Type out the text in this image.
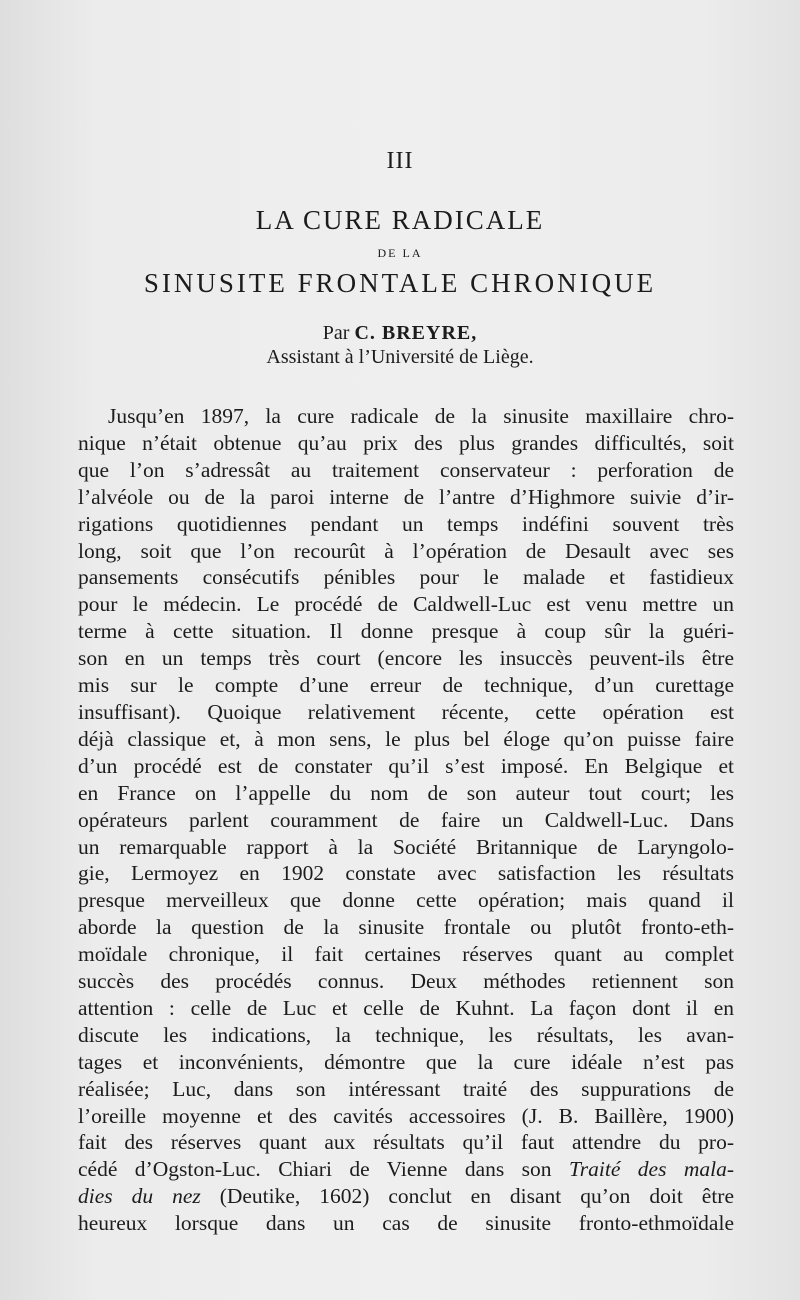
III
LA CURE RADICALE
DE LA
SINUSITE FRONTALE CHRONIQUE
Par C. BREYRE,
Assistant à l’Université de Liège.
Jusqu’en 1897, la cure radicale de la sinusite maxillaire chro-
nique n’était obtenue qu’au prix des plus grandes difficultés, soit
que l’on s’adressât au traitement conservateur : perforation de
l’alvéole ou de la paroi interne de l’antre d’Highmore suivie d’ir-
rigations quotidiennes pendant un temps indéfini souvent très
long, soit que l’on recourût à l’opération de Desault avec ses
pansements consécutifs pénibles pour le malade et fastidieux
pour le médecin. Le procédé de Caldwell-Luc est venu mettre un
terme à cette situation. Il donne presque à coup sûr la guéri-
son en un temps très court (encore les insuccès peuvent-ils être
mis sur le compte d’une erreur de technique, d’un curettage
insuffisant). Quoique relativement récente, cette opération est
déjà classique et, à mon sens, le plus bel éloge qu’on puisse faire
d’un procédé est de constater qu’il s’est imposé. En Belgique et
en France on l’appelle du nom de son auteur tout court; les
opérateurs parlent couramment de faire un Caldwell-Luc. Dans
un remarquable rapport à la Société Britannique de Laryngolo-
gie, Lermoyez en 1902 constate avec satisfaction les résultats
presque merveilleux que donne cette opération; mais quand il
aborde la question de la sinusite frontale ou plutôt fronto-eth-
moïdale chronique, il fait certaines réserves quant au complet
succès des procédés connus. Deux méthodes retiennent son
attention : celle de Luc et celle de Kuhnt. La façon dont il en
discute les indications, la technique, les résultats, les avan-
tages et inconvénients, démontre que la cure idéale n’est pas
réalisée; Luc, dans son intéressant traité des suppurations de
l’oreille moyenne et des cavités accessoires (J. B. Baillère, 1900)
fait des réserves quant aux résultats qu’il faut attendre du pro-
cédé d’Ogston-Luc. Chiari de Vienne dans son Traité des mala-
dies du nez (Deutike, 1602) conclut en disant qu’on doit être
heureux lorsque dans un cas de sinusite fronto-ethmoïdale
